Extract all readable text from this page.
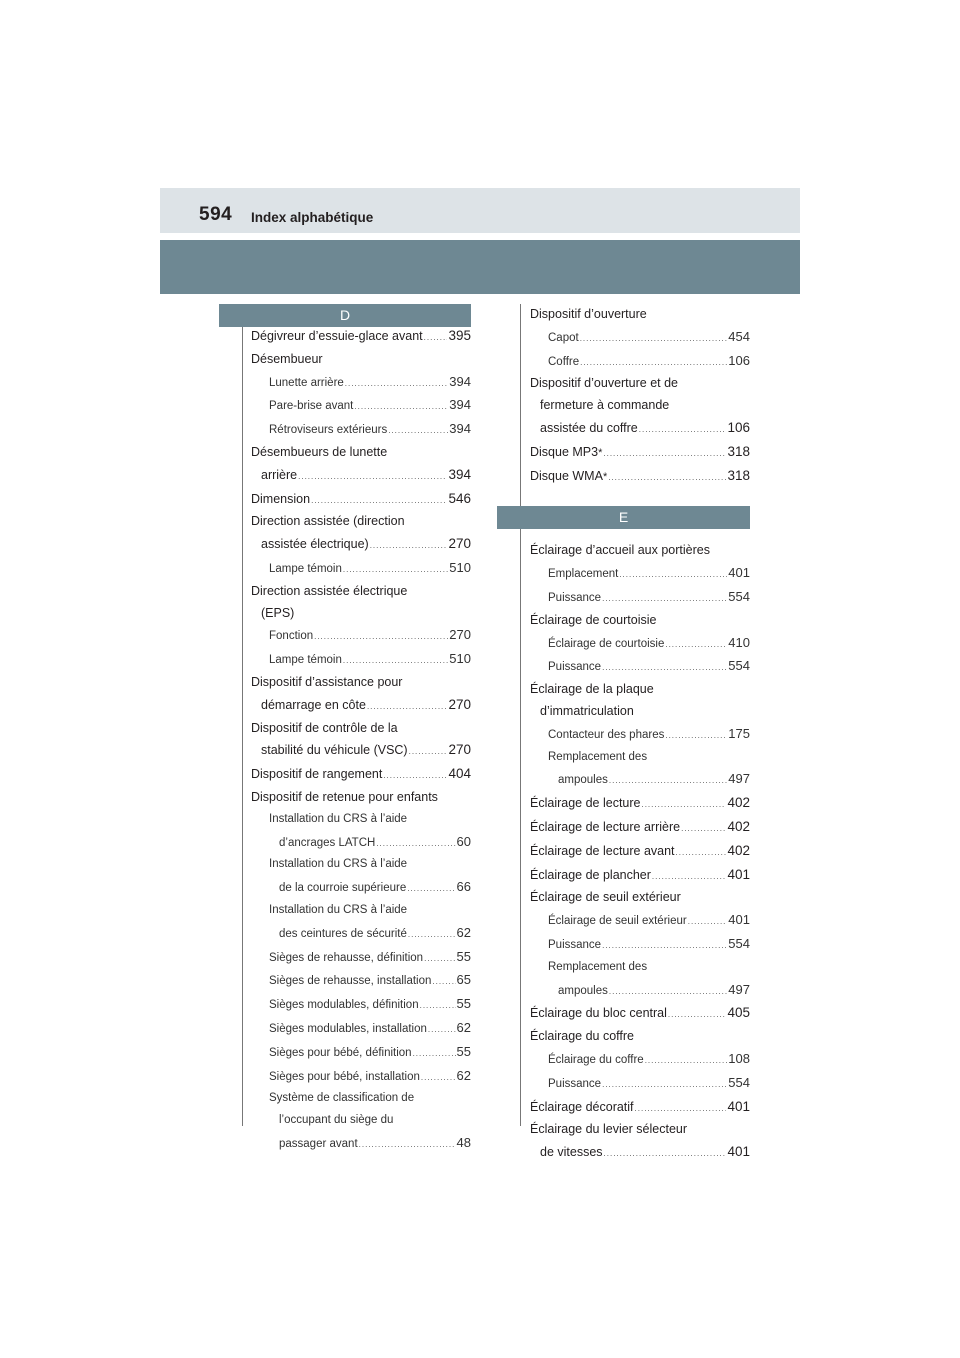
594 Index alphabétique
D
E
Dégivreur d’essuie-glace avant ..... 395
Désembueur
Lunette arrière .....	394
Pare-brise avant .....	394
Rétroviseurs extérieurs .....	394
Désembueurs de lunette
arrière .....	394
Dimension .....	546
Direction assistée (direction
assistée électrique) .....	270
Lampe témoin .....	510
Direction assistée électrique
(EPS)
Fonction .....	270
Lampe témoin .....	510
Dispositif d’assistance pour
démarrage en côte .....	270
Dispositif de contrôle de la
stabilité du véhicule (VSC) .....	270
Dispositif de rangement .....	404
Dispositif de retenue pour enfants
Installation du CRS à l’aide
d’ancrages LATCH .....	60
Installation du CRS à l’aide
de la courroie supérieure .....	66
Installation du CRS à l’aide
des ceintures de sécurité .....	62
Sièges de rehausse, définition .....	55
Sièges de rehausse, installation ..... 65
Sièges modulables, définition .....	55
Sièges modulables, installation ..... 62
Sièges pour bébé, définition .....	55
Sièges pour bébé, installation .....	62
Système de classification de
l’occupant du siège du
passager avant .....	48
Dispositif d’ouverture
Capot .....	454
Coffre .....	106
Dispositif d’ouverture et de
fermeture à commande
assistée du coffre .....	106
Disque MP3 * .....	318
Disque WMA * .....	318
Éclairage d’accueil aux portières
Emplacement .....	401
Puissance .....	554
Éclairage de courtoisie
Éclairage de courtoisie .....	410
Puissance .....	554
Éclairage de la plaque
d’immatriculation
Contacteur des phares .....	175
Remplacement des
ampoules .....	497
Éclairage de lecture .....	402
Éclairage de lecture arrière .....	402
Éclairage de lecture avant .....	402
Éclairage de plancher .....	401
Éclairage de seuil extérieur
Éclairage de seuil extérieur .....	401
Puissance .....	554
Remplacement des
ampoules .....	497
Éclairage du bloc central .....	405
Éclairage du coffre
Éclairage du coffre .....	108
Puissance .....	554
Éclairage décoratif .....	401
Éclairage du levier sélecteur
de vitesses .....	401
